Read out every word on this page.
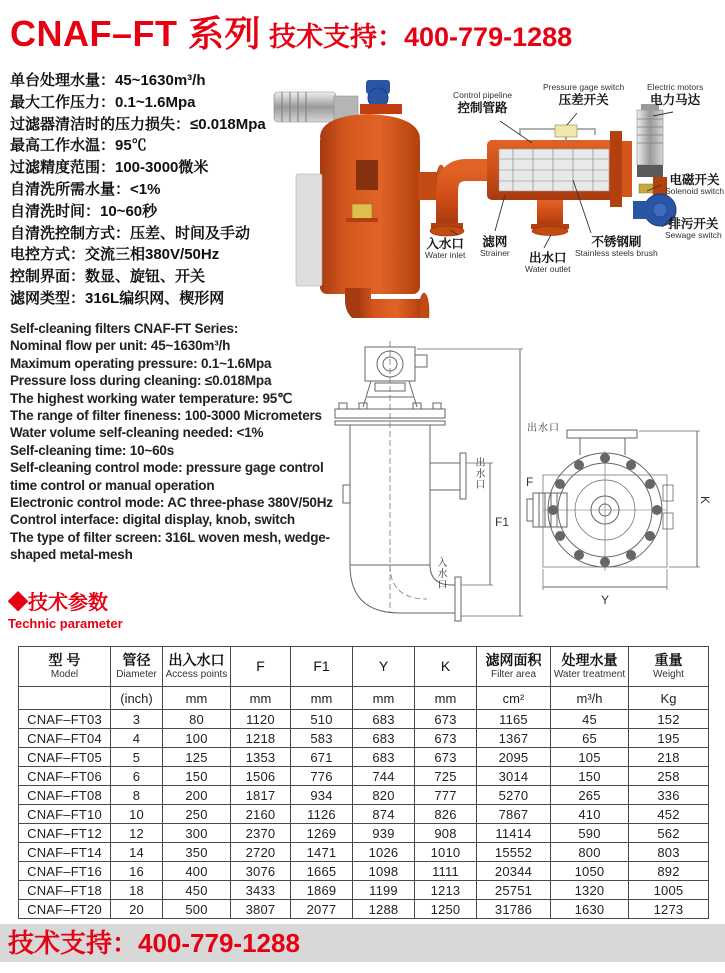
CNAF–FT 系列 技术支持：400-779-1288
单台处理水量：45~1630m³/h
最大工作压力：0.1~1.6Mpa
过滤器清洁时的压力损失：≤0.018Mpa
最高工作水温：95℃
过滤精度范围：100-3000微米
自清洗所需水量：<1%
自清洗时间：10~60秒
自清洗控制方式：压差、时间及手动
电控方式：交流三相380V/50Hz
控制界面：数显、旋钮、开关
滤网类型：316L编织网、楔形网
Self-cleaning filters CNAF-FT Series:
Nominal flow per unit: 45~1630m³/h
Maximum operating pressure: 0.1~1.6Mpa
Pressure loss during cleaning: ≤0.018Mpa
The highest working water temperature: 95℃
The range of filter fineness: 100-3000 Micrometers
Water volume self-cleaning needed: <1%
Self-cleaning time: 10~60s
Self-cleaning control mode: pressure gage control
time control or manual operation
Electronic control mode: AC three-phase 380V/50Hz
Control interface: digital display, knob, switch
The type of filter screen: 316L woven mesh, wedge-
shaped metal-mesh
Control pipeline
控制管路
Pressure gage switch
压差开关
Electric motors
电力马达
电磁开关
Solenoid switch
排污开关
Sewage switch
入水口
Water inlet
滤网
Strainer	出水口
Water outlet
不锈钢刷
Stainless steels brush
出水口
F1
F
入水口
出水口
K
Y
◆技术参数
Technic parameter
型 号
Model	管径
Diameter	出入水口
Access points	F	F1	Y	K	滤网面积
Filter area	处理水量
Water treatment	重量
Weight

	(inch)	mm	mm	mm	mm	mm	cm²	m³/h	Kg
CNAF–FT03	3	80	1120	510	683	673	1165	45	152
CNAF–FT04	4	100	1218	583	683	673	1367	65	195
CNAF–FT05	5	125	1353	671	683	673	2095	105	218
CNAF–FT06	6	150	1506	776	744	725	3014	150	258
CNAF–FT08	8	200	1817	934	820	777	5270	265	336
CNAF–FT10	10	250	2160	1126	874	826	7867	410	452
CNAF–FT12	12	300	2370	1269	939	908	11414	590	562
CNAF–FT14	14	350	2720	1471	1026	1010	15552	800	803
CNAF–FT16	16	400	3076	1665	1098	1111	20344	1050	892
CNAF–FT18	18	450	3433	1869	1199	1213	25751	1320	1005
CNAF–FT20	20	500	3807	2077	1288	1250	31786	1630	1273
技术支持：400-779-1288
